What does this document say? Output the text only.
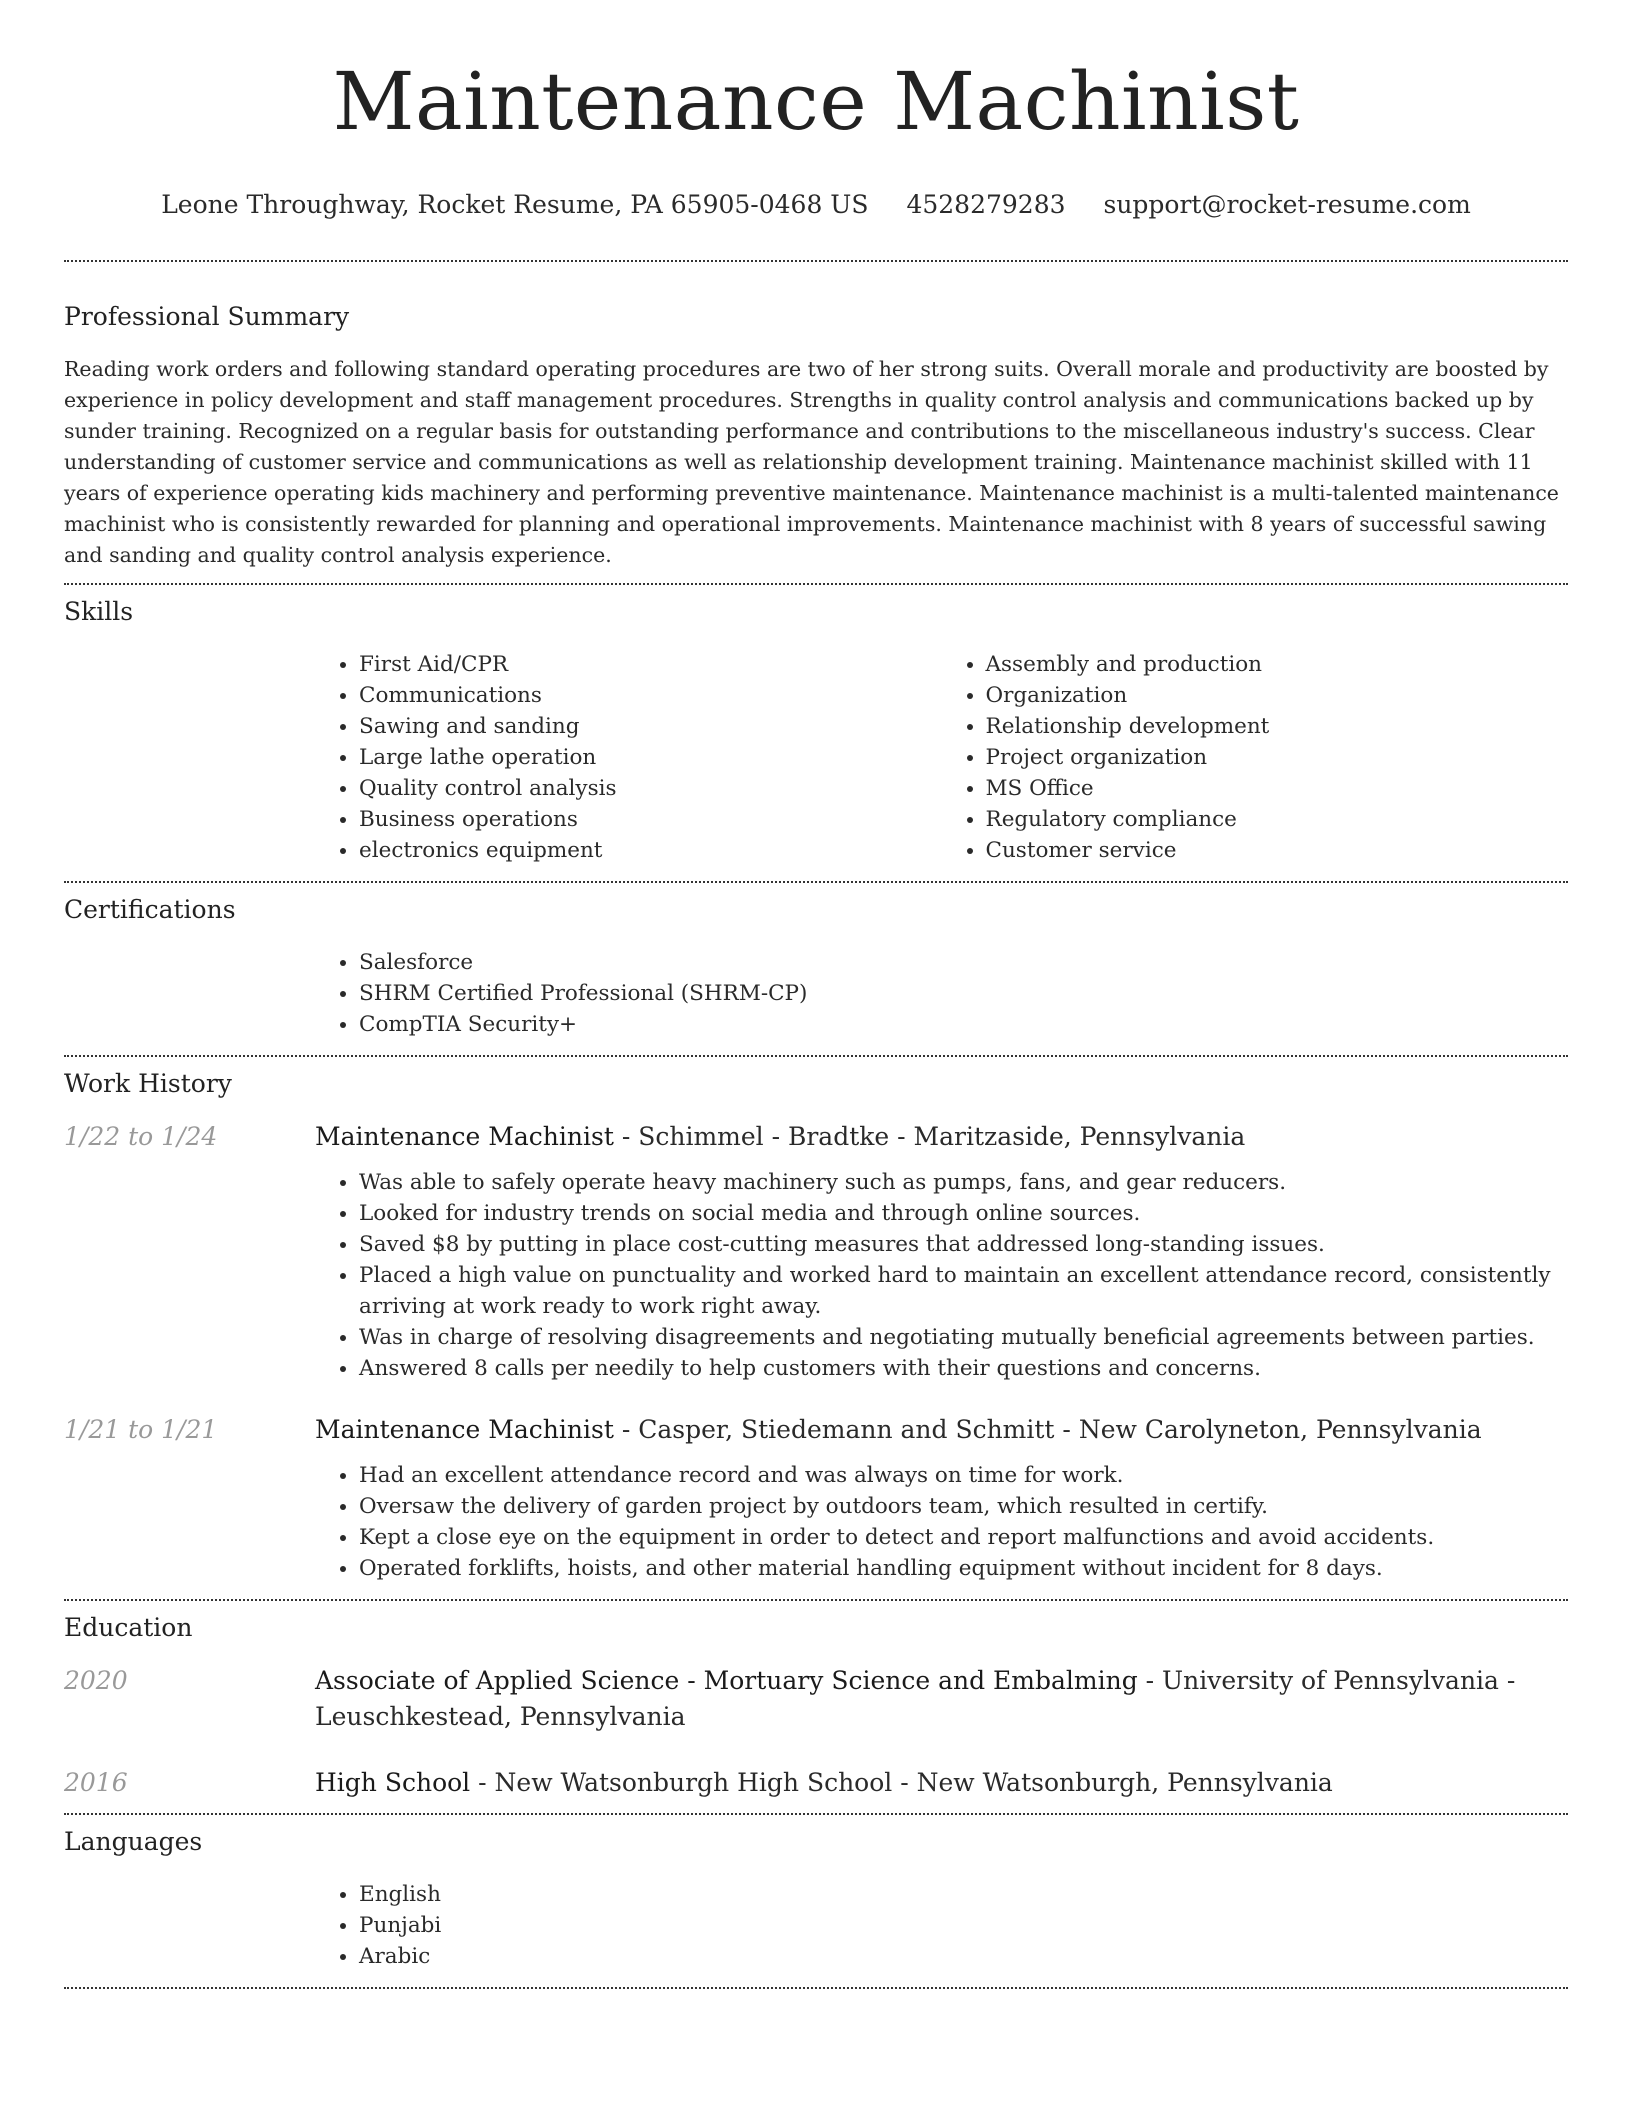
Maintenance Machinist
Leone Throughway, Rocket Resume, PA 65905-0468 US 4528279283 support@rocket-resume.com
Professional Summary

Reading work orders and following standard operating procedures are two of her strong suits. Overall morale and productivity are boosted by experience in policy development and staff management procedures. Strengths in quality control analysis and communications backed up by sunder training. Recognized on a regular basis for outstanding performance and contributions to the miscellaneous industry's success. Clear understanding of customer service and communications as well as relationship development training. Maintenance machinist skilled with 11 years of experience operating kids machinery and performing preventive maintenance. Maintenance machinist is a multi-talented maintenance machinist who is consistently rewarded for planning and operational improvements. Maintenance machinist with 8 years of successful sawing and sanding and quality control analysis experience.

Skills
• First Aid/CPR
• Communications
• Sawing and sanding
• Large lathe operation
• Quality control analysis
• Business operations
• electronics equipment
• Assembly and production
• Organization
• Relationship development
• Project organization
• MS Office
• Regulatory compliance
• Customer service
Certifications
• Salesforce
• SHRM Certified Professional (SHRM-CP)
• CompTIA Security+
Work History
1/22 to 1/24	Maintenance Machinist - Schimmel - Bradtke - Maritzaside, Pennsylvania
• Was able to safely operate heavy machinery such as pumps, fans, and gear reducers.
• Looked for industry trends on social media and through online sources.
• Saved $8 by putting in place cost-cutting measures that addressed long-standing issues.
• Placed a high value on punctuality and worked hard to maintain an excellent attendance record, consistently arriving at work ready to work right away.
• Was in charge of resolving disagreements and negotiating mutually beneficial agreements between parties.
• Answered 8 calls per needily to help customers with their questions and concerns.
1/21 to 1/21	Maintenance Machinist - Casper, Stiedemann and Schmitt - New Carolyneton, Pennsylvania
• Had an excellent attendance record and was always on time for work.
• Oversaw the delivery of garden project by outdoors team, which resulted in certify.
• Kept a close eye on the equipment in order to detect and report malfunctions and avoid accidents.
• Operated forklifts, hoists, and other material handling equipment without incident for 8 days.
Education
2020	Associate of Applied Science - Mortuary Science and Embalming - University of Pennsylvania - Leuschkestead, Pennsylvania
2016	High School - New Watsonburgh High School - New Watsonburgh, Pennsylvania
Languages
• English
• Punjabi
• Arabic
